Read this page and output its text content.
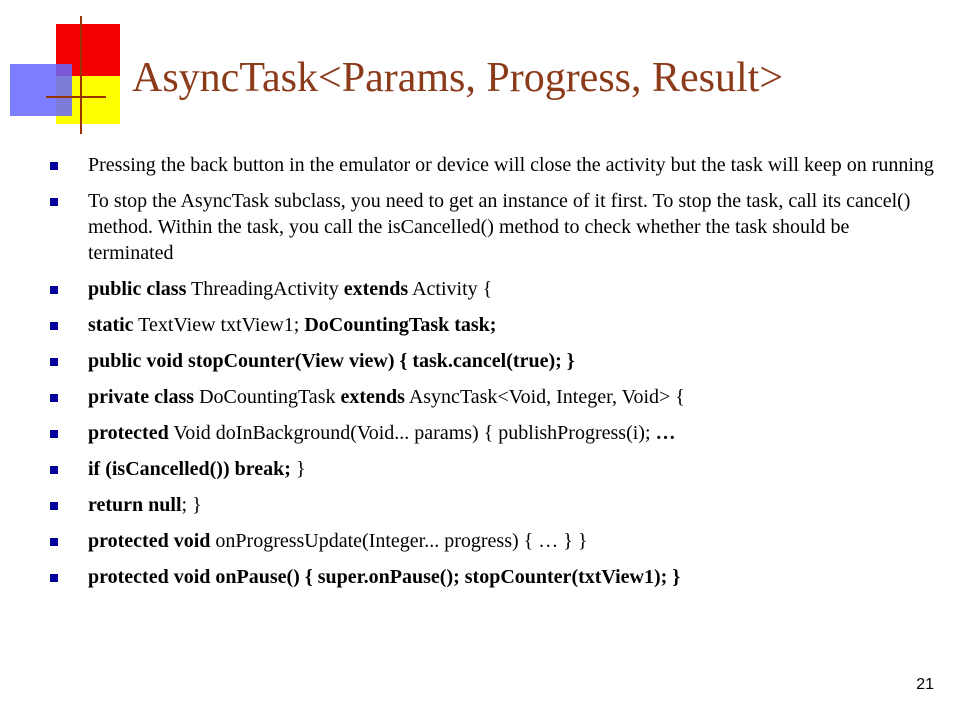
AsyncTask<Params, Progress, Result>
Pressing the back button in the emulator or device will close the activity but the task will keep on running
To stop the AsyncTask subclass, you need to get an instance of it first. To stop the task, call its cancel() method. Within the task, you call the isCancelled() method to check whether the task should be terminated
public class ThreadingActivity extends Activity {
static TextView txtView1; DoCountingTask task;
public void stopCounter(View view) { task.cancel(true); }
private class DoCountingTask extends AsyncTask<Void, Integer, Void> {
protected Void doInBackground(Void... params) { publishProgress(i); …
if (isCancelled()) break; }
return null; }
protected void onProgressUpdate(Integer... progress) { … } }
protected void onPause() { super.onPause(); stopCounter(txtView1); }
21
